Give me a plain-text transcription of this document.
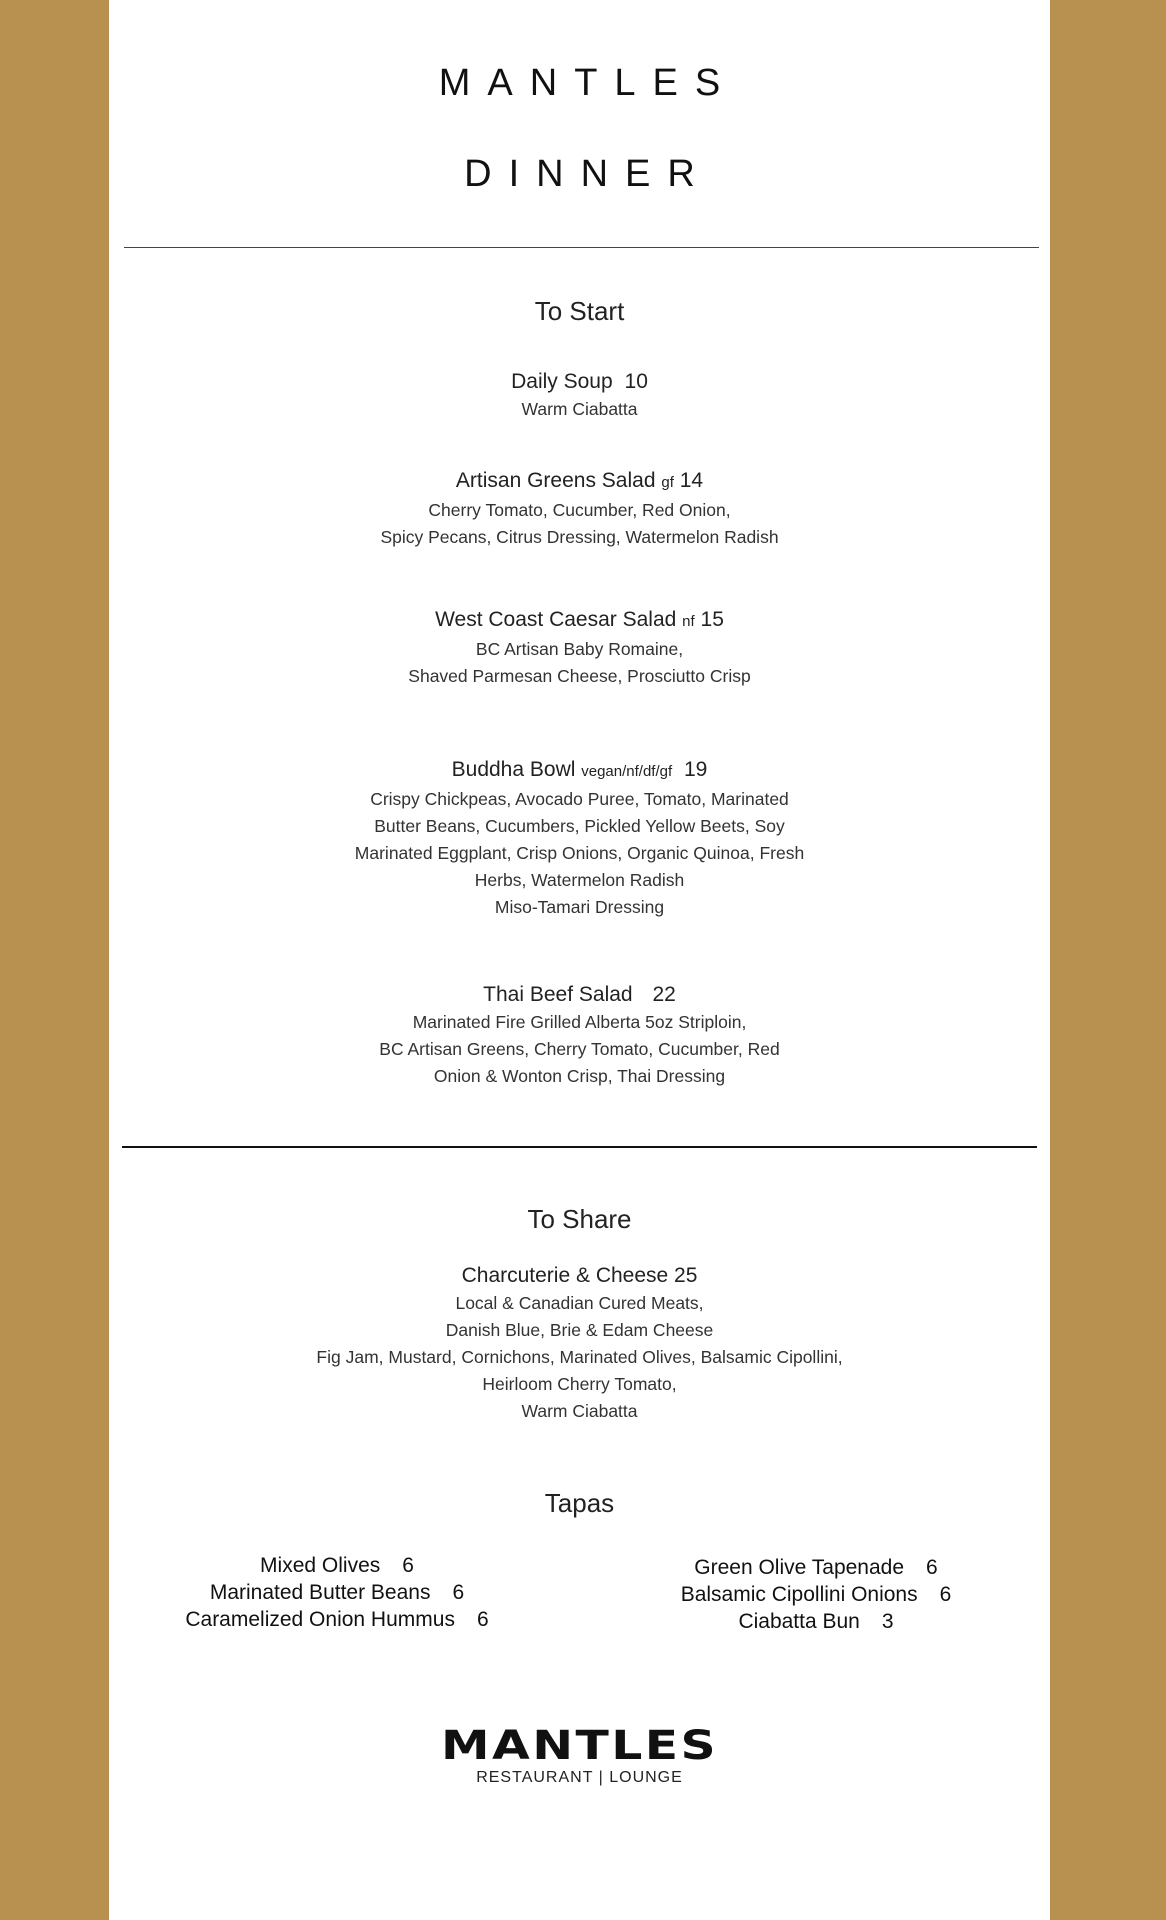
MANTLES
DINNER
To Start
Daily Soup 10
Warm Ciabatta
Artisan Greens Salad gf 14
Cherry Tomato, Cucumber, Red Onion,
Spicy Pecans, Citrus Dressing, Watermelon Radish
West Coast Caesar Salad nf 15
BC Artisan Baby Romaine,
Shaved Parmesan Cheese, Prosciutto Crisp
Buddha Bowl vegan/nf/df/gf 19
Crispy Chickpeas, Avocado Puree, Tomato, Marinated
Butter Beans, Cucumbers, Pickled Yellow Beets, Soy
Marinated Eggplant, Crisp Onions, Organic Quinoa, Fresh
Herbs, Watermelon Radish
Miso-Tamari Dressing
Thai Beef Salad 22
Marinated Fire Grilled Alberta 5oz Striploin,
BC Artisan Greens, Cherry Tomato, Cucumber, Red
Onion & Wonton Crisp, Thai Dressing
To Share
Charcuterie & Cheese 25
Local & Canadian Cured Meats,
Danish Blue, Brie & Edam Cheese
Fig Jam, Mustard, Cornichons, Marinated Olives, Balsamic Cipollini,
Heirloom Cherry Tomato,
Warm Ciabatta
Tapas
Mixed Olives 6
Marinated Butter Beans 6
Caramelized Onion Hummus 6
Green Olive Tapenade 6
Balsamic Cipollini Onions 6
Ciabatta Bun 3
MANTLES
RESTAURANT | LOUNGE
